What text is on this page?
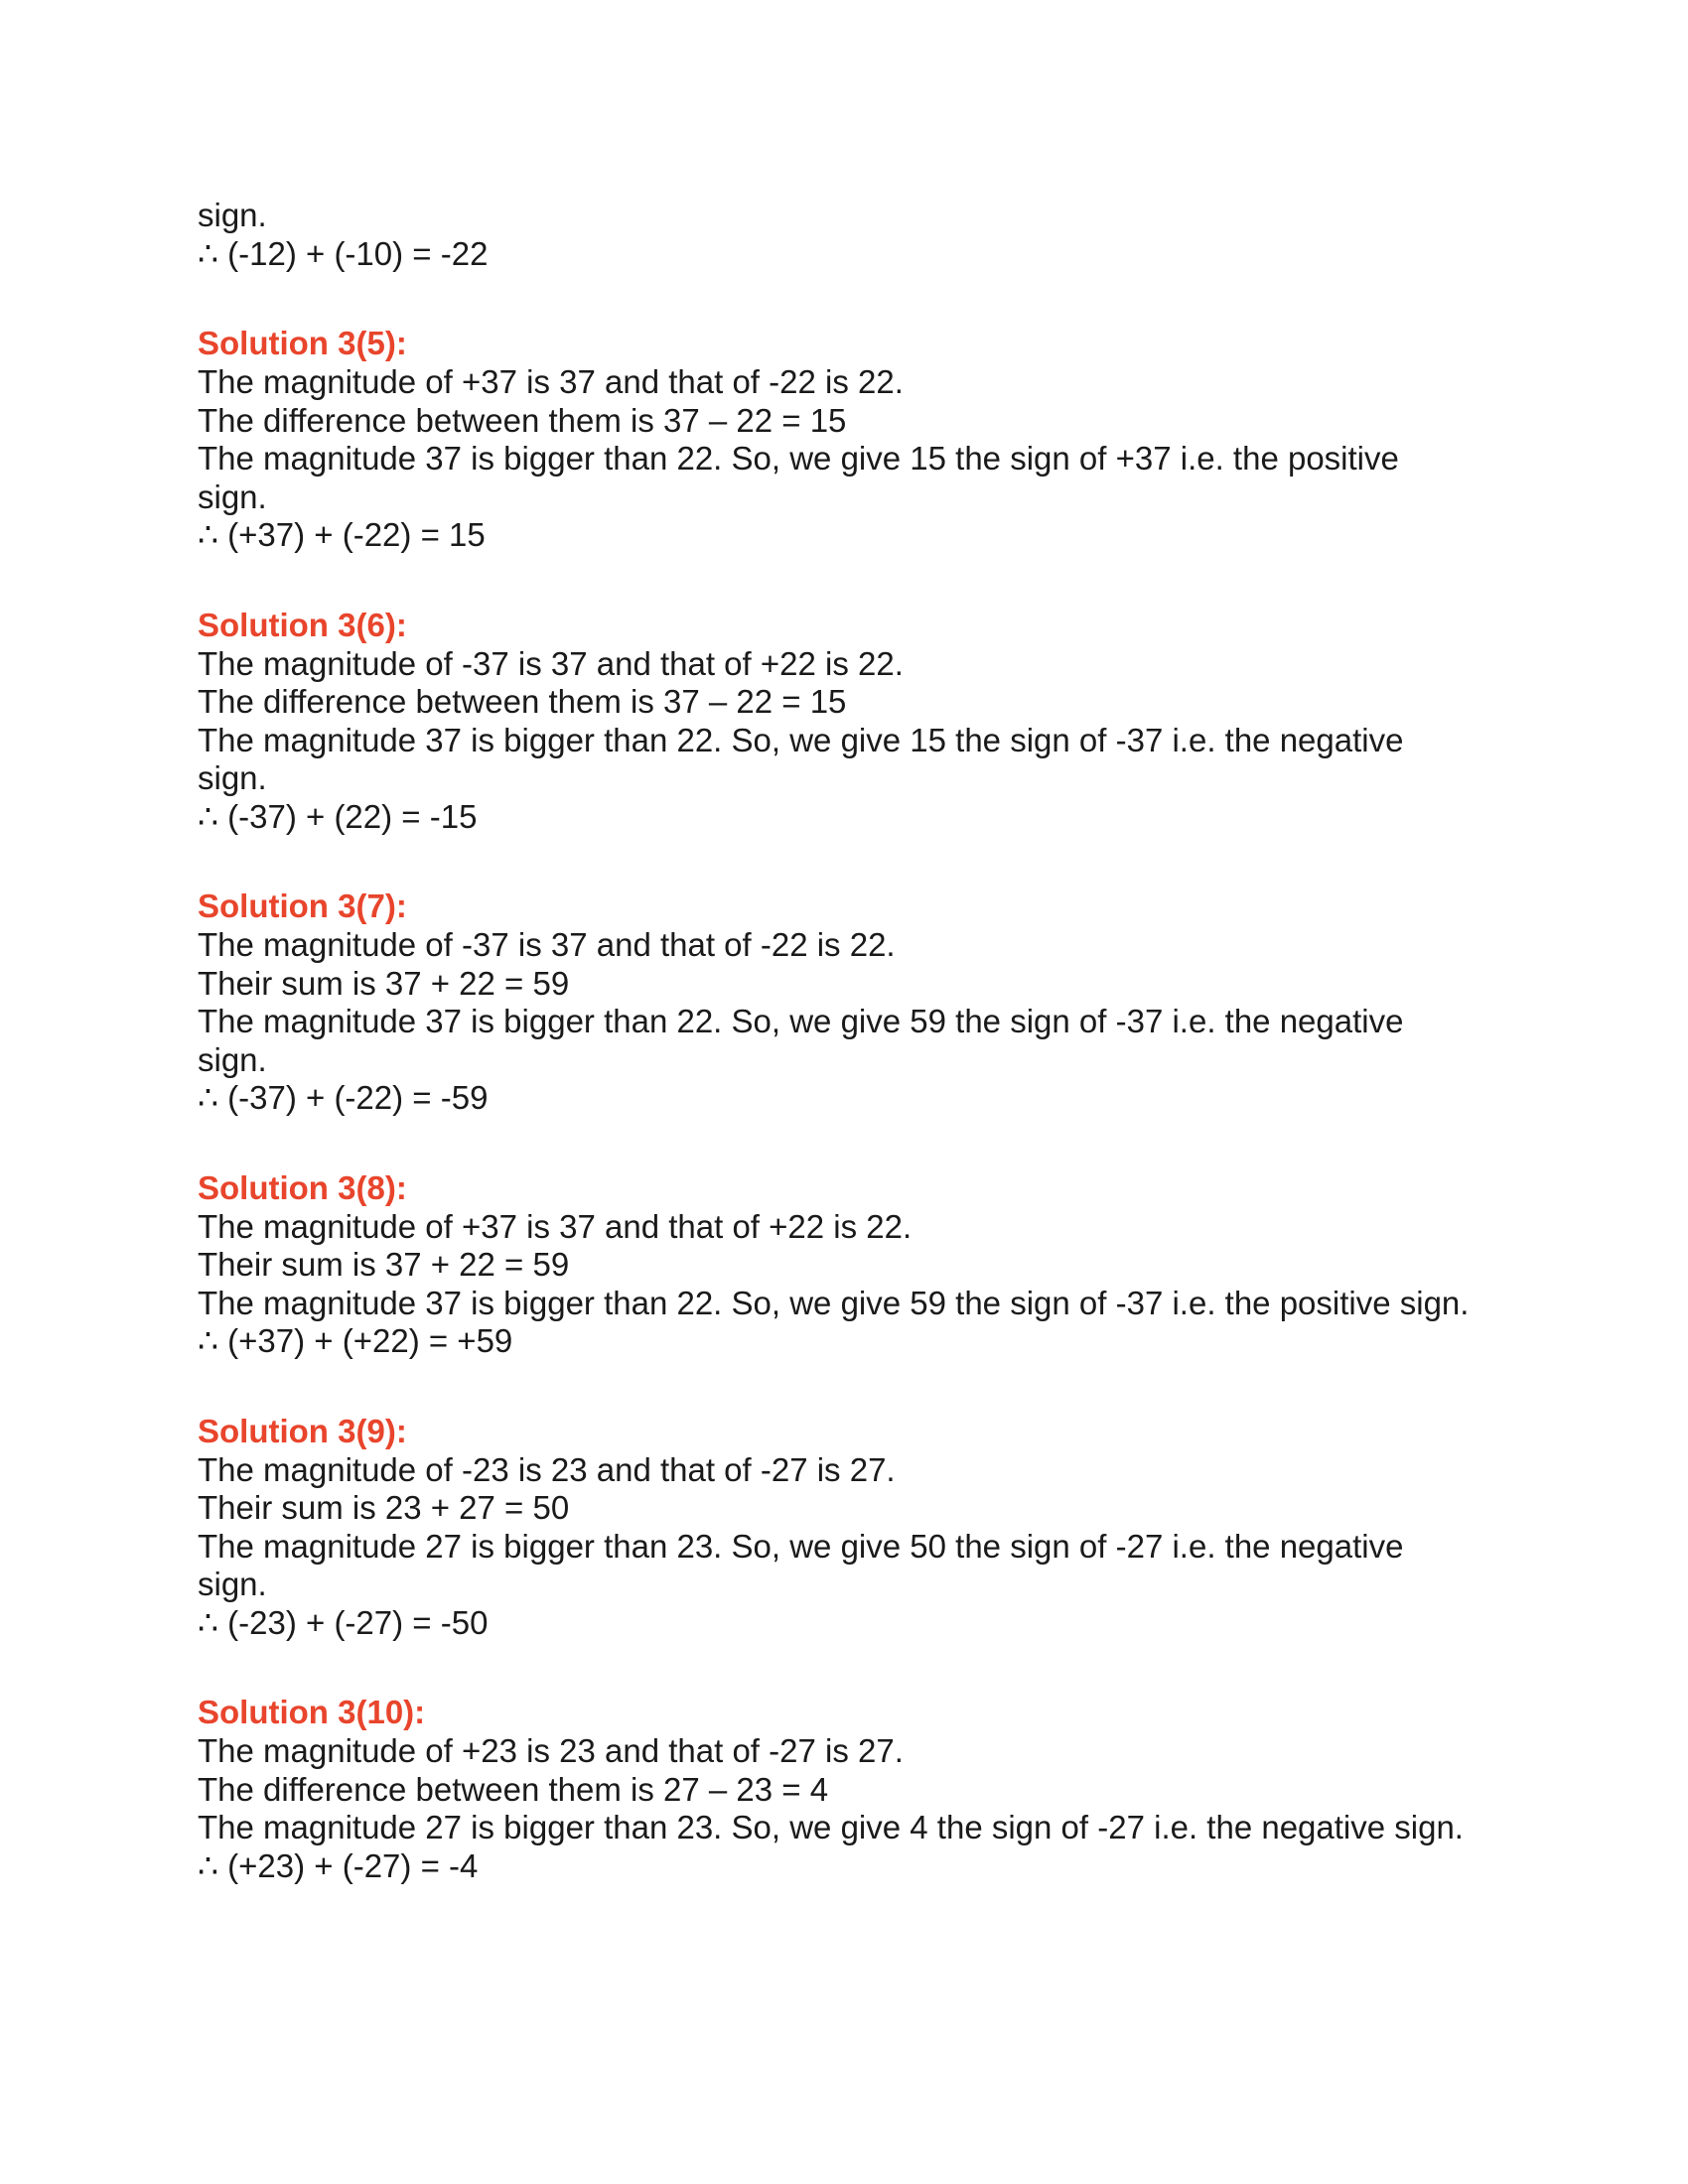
sign.
∴ (-12) + (-10) = -22
Solution 3(5):
The magnitude of +37 is 37 and that of -22 is 22.
The difference between them is 37 – 22 = 15
The magnitude 37 is bigger than 22. So, we give 15 the sign of +37 i.e. the positive
sign.
∴ (+37) + (-22) = 15
Solution 3(6):
The magnitude of -37 is 37 and that of +22 is 22.
The difference between them is 37 – 22 = 15
The magnitude 37 is bigger than 22. So, we give 15 the sign of -37 i.e. the negative
sign.
∴ (-37) + (22) = -15
Solution 3(7):
The magnitude of -37 is 37 and that of -22 is 22.
Their sum is 37 + 22 = 59
The magnitude 37 is bigger than 22. So, we give 59 the sign of -37 i.e. the negative
sign.
∴ (-37) + (-22) = -59
Solution 3(8):
The magnitude of +37 is 37 and that of +22 is 22.
Their sum is 37 + 22 = 59
The magnitude 37 is bigger than 22. So, we give 59 the sign of -37 i.e. the positive sign.
∴ (+37) + (+22) = +59
Solution 3(9):
The magnitude of -23 is 23 and that of -27 is 27.
Their sum is 23 + 27 = 50
The magnitude 27 is bigger than 23. So, we give 50 the sign of -27 i.e. the negative
sign.
∴ (-23) + (-27) = -50
Solution 3(10):
The magnitude of +23 is 23 and that of -27 is 27.
The difference between them is 27 – 23 = 4
The magnitude 27 is bigger than 23. So, we give 4 the sign of -27 i.e. the negative sign.
∴ (+23) + (-27) = -4
